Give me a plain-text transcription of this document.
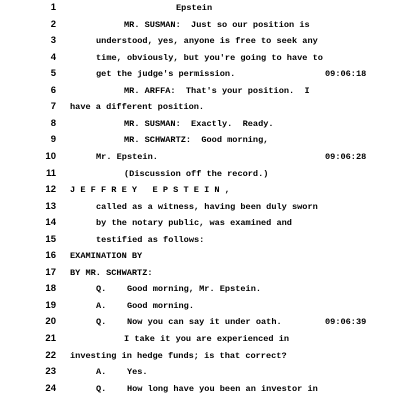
1	Epstein
2	MR. SUSMAN:  Just so our position is
3	understood, yes, anyone is free to seek any
4	time, obviously, but you're going to have to
5	get the judge's permission.	09:06:18
6	MR. ARFFA:  That's your position.  I
7 have a different position.
8	MR. SUSMAN:  Exactly.  Ready.
9	MR. SCHWARTZ:  Good morning,
10	Mr. Epstein.	09:06:28
11	(Discussion off the record.)
12 J E F F R E Y   E P S T E I N ,
13	called as a witness, having been duly sworn
14	by the notary public, was examined and
15	testified as follows:
16 EXAMINATION BY
17 BY MR. SCHWARTZ:
18	Q.    Good morning, Mr. Epstein.
19	A.    Good morning.
20	Q.    Now you can say it under oath.	09:06:39
21	I take it you are experienced in
22 investing in hedge funds; is that correct?
23	A.    Yes.
24	Q.    How long have you been an investor in
